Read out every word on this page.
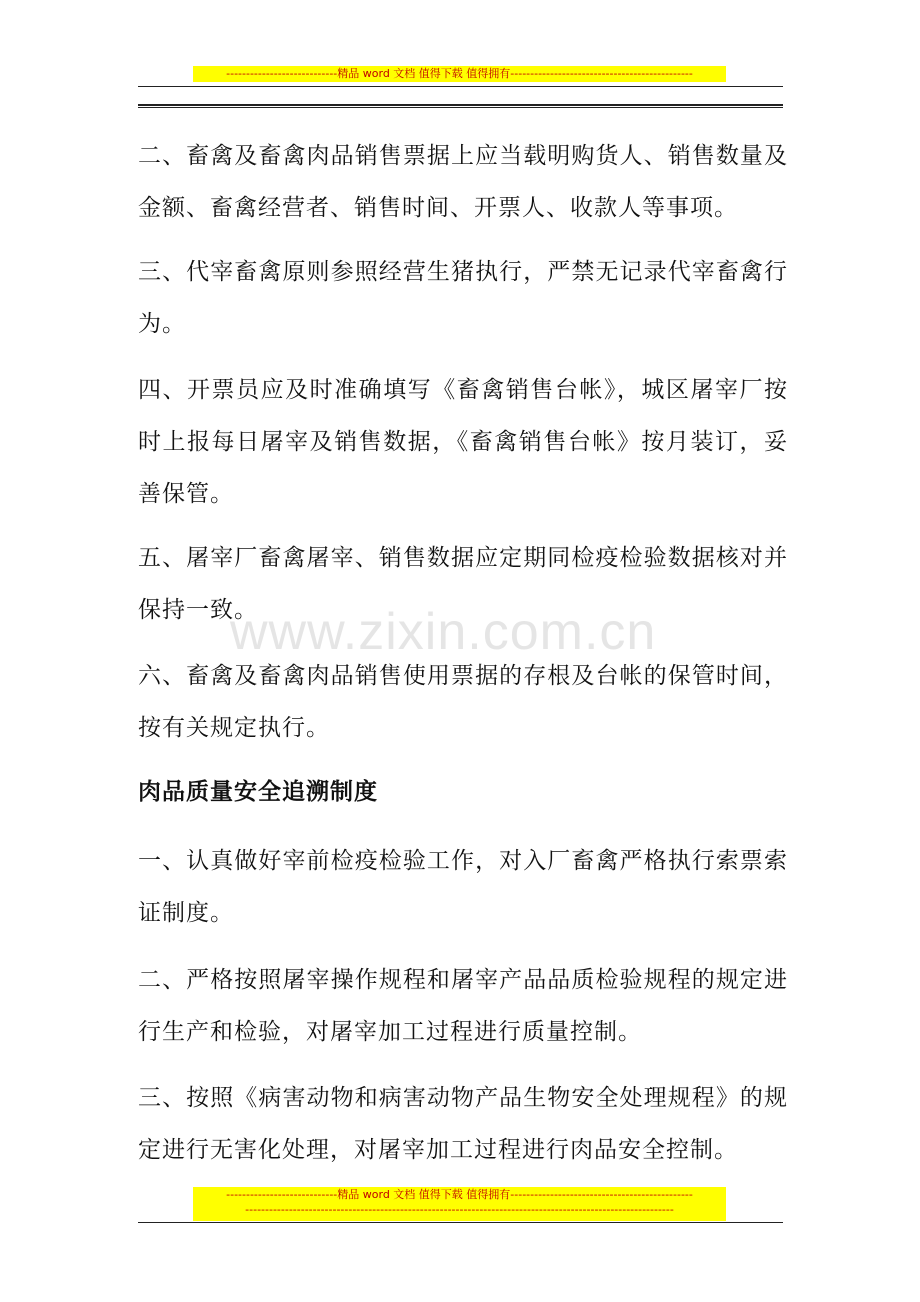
----------------------------精品 word 文档 值得下载 值得拥有----------------------------------------------

二、畜禽及畜禽肉品销售票据上应当载明购货人、销售数量及金额、畜禽经营者、销售时间、开票人、收款人等事项。

三、代宰畜禽原则参照经营生猪执行，严禁无记录代宰畜禽行为。

四、开票员应及时准确填写《畜禽销售台帐》，城区屠宰厂按时上报每日屠宰及销售数据，《畜禽销售台帐》按月装订，妥善保管。

五、屠宰厂畜禽屠宰、销售数据应定期同检疫检验数据核对并保持一致。

六、畜禽及畜禽肉品销售使用票据的存根及台帐的保管时间，按有关规定执行。

肉品质量安全追溯制度

一、认真做好宰前检疫检验工作，对入厂畜禽严格执行索票索证制度。

二、严格按照屠宰操作规程和屠宰产品品质检验规程的规定进行生产和检验，对屠宰加工过程进行质量控制。

三、按照《病害动物和病害动物产品生物安全处理规程》的规定进行无害化处理，对屠宰加工过程进行肉品安全控制。

www.zixin.com.cn
----------------------------精品 word 文档 值得下载 值得拥有----------------------------------------------
------------------------------------------------------------------------------------------------------------
